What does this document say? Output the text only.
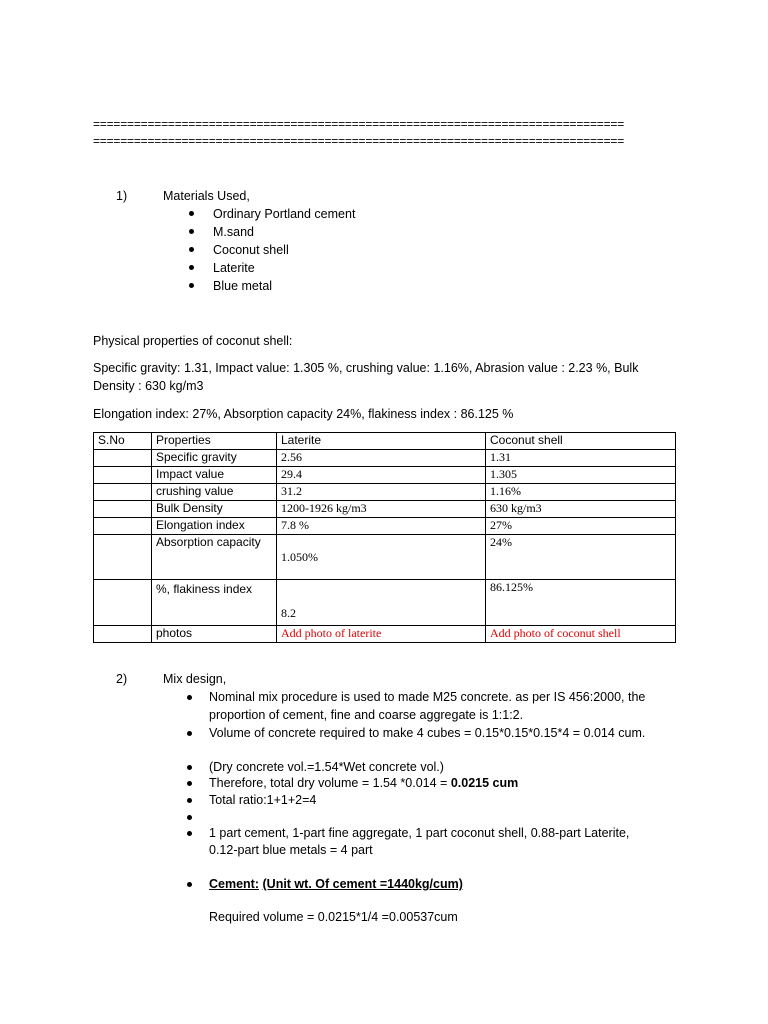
==============================================================================
==============================================================================
1)	Materials Used,
Ordinary Portland cement
M.sand
Coconut shell
Laterite
Blue metal
Physical properties of coconut shell:
Specific gravity: 1.31, Impact value: 1.305 %, crushing value: 1.16%, Abrasion value : 2.23 %, Bulk
Density : 630 kg/m3
Elongation index: 27%, Absorption capacity 24%, flakiness index : 86.125 %
S.No	Properties	Laterite	Coconut shell
	Specific gravity	2.56	1.31
	Impact value	29.4	1.305
	crushing value	31.2	1.16%
	Bulk Density	1200-1926 kg/m3	630 kg/m3
	Elongation index	7.8 %	27%
	Absorption capacity	1.050%	24%
	%, flakiness index	8.2	86.125%
	photos	Add photo of laterite	Add photo of coconut shell
2)	Mix design,
Nominal mix procedure is used to made M25 concrete. as per IS 456:2000, the
proportion of cement, fine and coarse aggregate is 1:1:2.
Volume of concrete required to make 4 cubes = 0.15*0.15*0.15*4 = 0.014 cum.
(Dry concrete vol.=1.54*Wet concrete vol.)
Therefore, total dry volume = 1.54 *0.014 = 0.0215 cum
Total ratio:1+1+2=4
1 part cement, 1-part fine aggregate, 1 part coconut shell, 0.88-part Laterite,
0.12-part blue metals = 4 part
Cement: (Unit wt. Of cement =1440kg/cum)
Required volume = 0.0215*1/4 =0.00537cum
